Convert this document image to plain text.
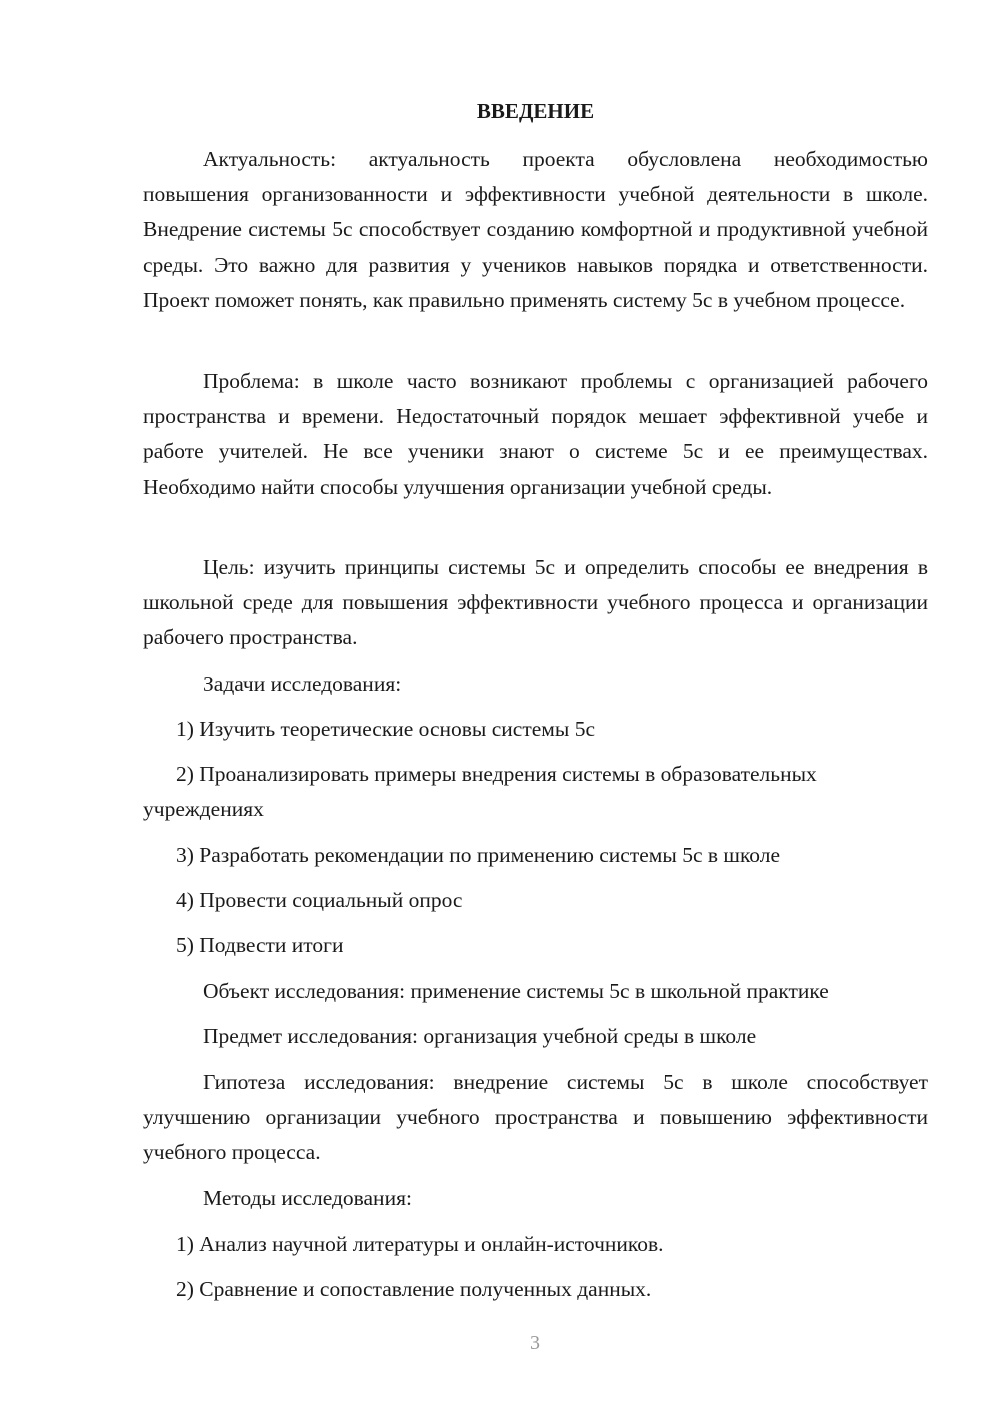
ВВЕДЕНИЕ

Актуальность: актуальность проекта обусловлена необходимостью повышения организованности и эффективности учебной деятельности в школе. Внедрение системы 5с способствует созданию комфортной и продуктивной учебной среды. Это важно для развития у учеников навыков порядка и ответственности. Проект поможет понять, как правильно применять систему 5с в учебном процессе.

Проблема: в школе часто возникают проблемы с организацией рабочего пространства и времени. Недостаточный порядок мешает эффективной учебе и работе учителей. Не все ученики знают о системе 5с и ее преимуществах. Необходимо найти способы улучшения организации учебной среды.

Цель: изучить принципы системы 5с и определить способы ее внедрения в школьной среде для повышения эффективности учебного процесса и организации рабочего пространства.

Задачи исследования:

1) Изучить теоретические основы системы 5с

2) Проанализировать примеры внедрения системы в образовательных учреждениях

3) Разработать рекомендации по применению системы 5с в школе

4) Провести социальный опрос

5) Подвести итоги

Объект исследования: применение системы 5с в школьной практике

Предмет исследования: организация учебной среды в школе

Гипотеза исследования: внедрение системы 5с в школе способствует улучшению организации учебного пространства и повышению эффективности учебного процесса.

Методы исследования:

1) Анализ научной литературы и онлайн-источников.

2) Сравнение и сопоставление полученных данных.

3
